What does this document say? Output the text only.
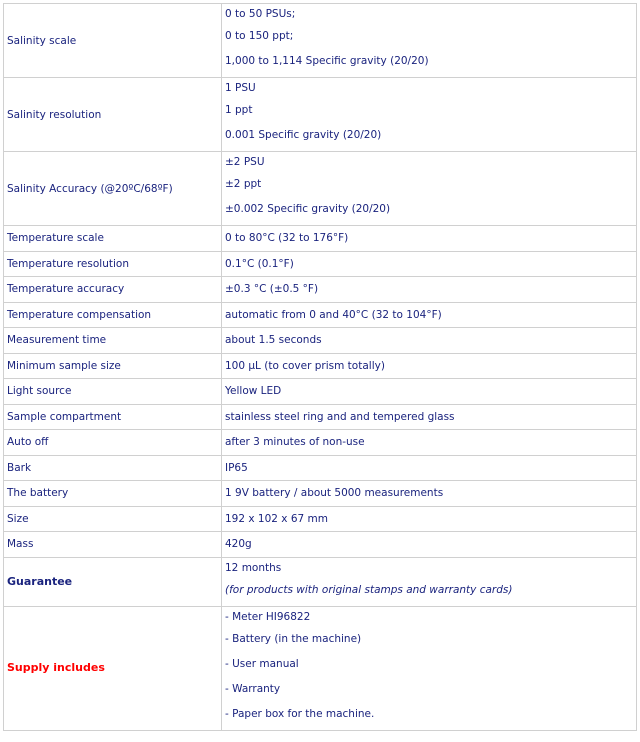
Salinity scale	0 to 50 PSUs;
0 to 150 ppt;
1,000 to 1,114 Specific gravity (20/20)

Salinity resolution	1 PSU
1 ppt
0.001 Specific gravity (20/20)

Salinity Accuracy (@20ºC/68ºF)	±2 PSU
±2 ppt
±0.002 Specific gravity (20/20)

Temperature scale	0 to 80°C (32 to 176°F)
Temperature resolution	0.1°C (0.1°F)
Temperature accuracy	±0.3 °C (±0.5 °F)
Temperature compensation	automatic from 0 and 40°C (32 to 104°F)
Measurement time	about 1.5 seconds
Minimum sample size	100 µL (to cover prism totally)
Light source	Yellow LED
Sample compartment	stainless steel ring and and tempered glass
Auto off	after 3 minutes of non-use
Bark	IP65
The battery	1 9V battery / about 5000 measurements
Size	192 x 102 x 67 mm
Mass	420g
Guarantee	12 months
(for products with original stamps and warranty cards)

Supply includes	- Meter HI96822
- Battery (in the machine)
- User manual
- Warranty
- Paper box for the machine.
